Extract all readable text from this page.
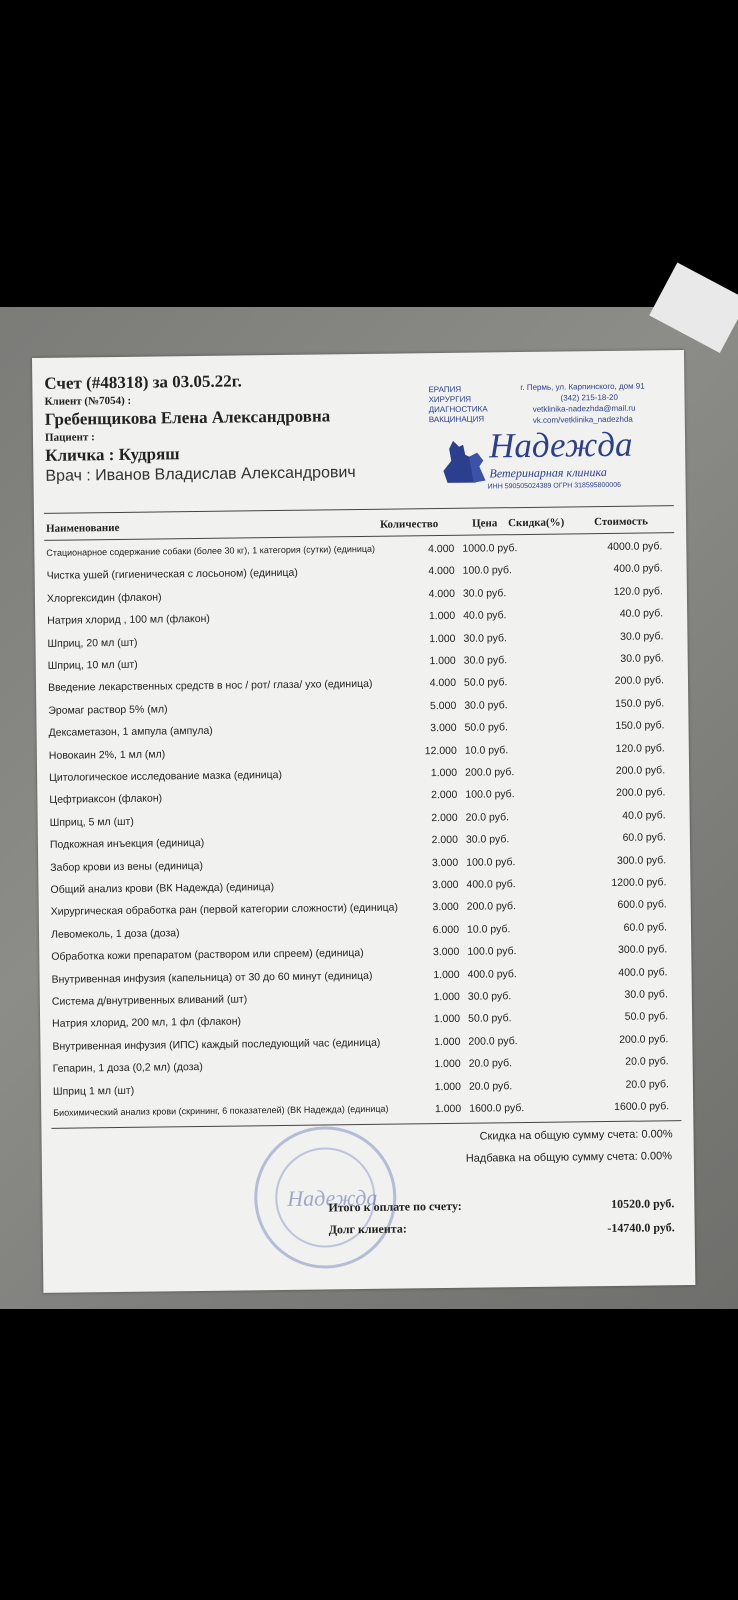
Счет (#48318) за 03.05.22г.
Клиент (№7054) :
Гребенщикова Елена Александровна
Пациент :
Кличка : Кудряш
Врач : Иванов Владислав Александрович
ЕРАПИЯ
ХИРУРГИЯ
ДИАГНОСТИКА
ВАКЦИНАЦИЯ
г. Пермь, ул. Карпинского, дом 91
(342) 215-18-20
vetklinika-nadezhda@mail.ru
vk.com/vetklinika_nadezhda
Надежда
Ветеринарная клиника
ИНН 590505024389 ОГРН 318595800006
Наименование	Количество	Цена Скидка(%)	Стоимость
Стационарное содержание собаки (более 30 кг), 1 категория (сутки) (единица)	4.000 1000.0 руб.	4000.0 руб.
Чистка ушей (гигиеническая с лосьоном) (единица)	4.000 100.0 руб.	400.0 руб.
Хлоргексидин (флакон)	4.000 30.0 руб.	120.0 руб.
Натрия хлорид , 100 мл (флакон)	1.000 40.0 руб.	40.0 руб.
Шприц, 20 мл (шт)	1.000 30.0 руб.	30.0 руб.
Шприц, 10 мл (шт)	1.000 30.0 руб.	30.0 руб.
Введение лекарственных средств в нос / рот/ глаза/ ухо (единица)	4.000 50.0 руб.	200.0 руб.
Эромаг раствор 5% (мл)	5.000 30.0 руб.	150.0 руб.
Дексаметазон, 1 ампула (ампула)	3.000 50.0 руб.	150.0 руб.
Новокаин 2%, 1 мл (мл)	12.000 10.0 руб.	120.0 руб.
Цитологическое исследование мазка (единица)	1.000 200.0 руб.	200.0 руб.
Цефтриаксон (флакон)	2.000 100.0 руб.	200.0 руб.
Шприц, 5 мл (шт)	2.000 20.0 руб.	40.0 руб.
Подкожная инъекция (единица)	2.000 30.0 руб.	60.0 руб.
Забор крови из вены (единица)	3.000 100.0 руб.	300.0 руб.
Общий анализ крови (ВК Надежда) (единица)	3.000 400.0 руб.	1200.0 руб.
Хирургическая обработка ран (первой категории сложности) (единица)	3.000 200.0 руб.	600.0 руб.
Левомеколь, 1 доза (доза)	6.000 10.0 руб.	60.0 руб.
Обработка кожи препаратом (раствором или спреем) (единица)	3.000 100.0 руб.	300.0 руб.
Внутривенная инфузия (капельница) от 30 до 60 минут (единица)	1.000 400.0 руб.	400.0 руб.
Система д/внутривенных вливаний (шт)	1.000 30.0 руб.	30.0 руб.
Натрия хлорид, 200 мл, 1 фл (флакон)	1.000 50.0 руб.	50.0 руб.
Внутривенная инфузия (ИПС) каждый последующий час (единица)	1.000 200.0 руб.	200.0 руб.
Гепарин, 1 доза (0,2 мл) (доза)	1.000 20.0 руб.	20.0 руб.
Шприц 1 мл (шт)	1.000 20.0 руб.	20.0 руб.
Биохимический анализ крови (скрининг, 6 показателей) (ВК Надежда) (единица)	1.000 1600.0 руб.	1600.0 руб.
Скидка на общую сумму счета: 0.00%
Надбавка на общую сумму счета: 0.00%
Надежда
Итого к оплате по счету:	10520.0 руб.
Долг клиента:	-14740.0 руб.
